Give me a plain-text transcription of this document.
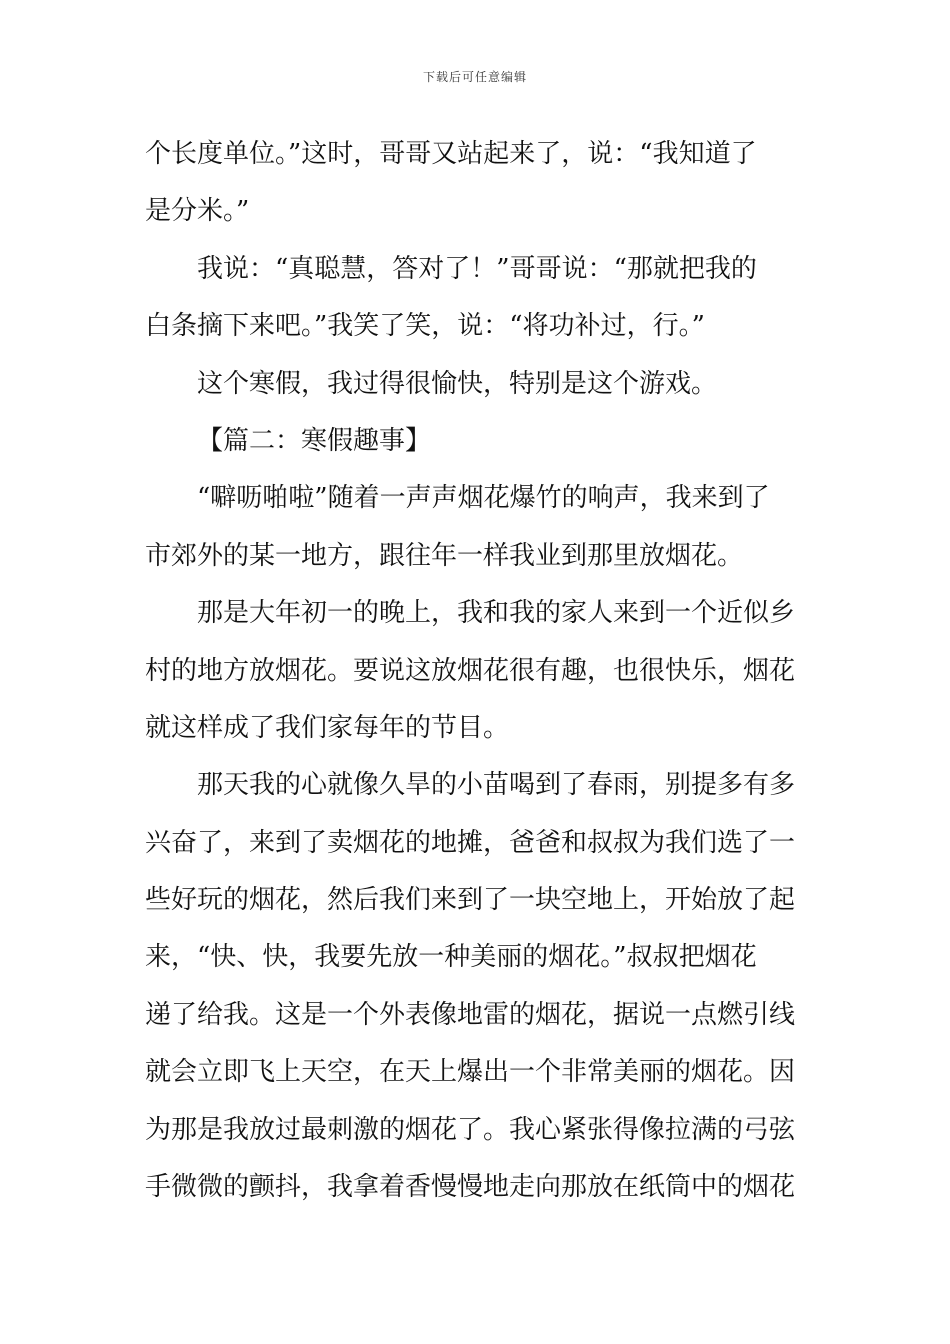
下载后可任意编辑
个长度单位。”这时，哥哥又站起来了，说：“我知道了
是分米。”
我说：“真聪慧，答对了！”哥哥说：“那就把我的
白条摘下来吧。”我笑了笑，说：“将功补过，行。”
这个寒假，我过得很愉快，特别是这个游戏。
【篇二：寒假趣事】
“噼呖啪啦”随着一声声烟花爆竹的响声，我来到了
市郊外的某一地方，跟往年一样我业到那里放烟花。
那是大年初一的晚上，我和我的家人来到一个近似乡
村的地方放烟花。要说这放烟花很有趣，也很快乐，烟花
就这样成了我们家每年的节目。
那天我的心就像久旱的小苗喝到了春雨，别提多有多
兴奋了，来到了卖烟花的地摊，爸爸和叔叔为我们选了一
些好玩的烟花，然后我们来到了一块空地上，开始放了起
来，“快、快，我要先放一种美丽的烟花。”叔叔把烟花
递了给我。这是一个外表像地雷的烟花，据说一点燃引线
就会立即飞上天空，在天上爆出一个非常美丽的烟花。因
为那是我放过最刺激的烟花了。我心紧张得像拉满的弓弦
手微微的颤抖，我拿着香慢慢地走向那放在纸筒中的烟花
